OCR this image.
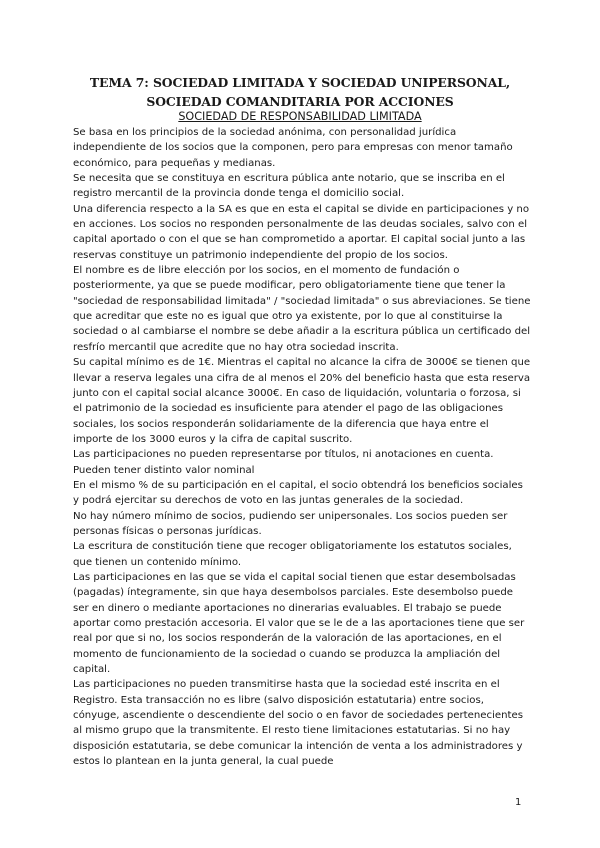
TEMA 7: SOCIEDAD LIMITADA Y SOCIEDAD UNIPERSONAL,
SOCIEDAD COMANDITARIA POR ACCIONES
SOCIEDAD DE RESPONSABILIDAD LIMITADA

Se basa en los principios de la sociedad anónima, con personalidad jurídica independiente de los socios que la componen, pero para empresas con menor tamaño económico, para pequeñas y medianas.

Se necesita que se constituya en escritura pública ante notario, que se inscriba en el registro mercantil de la provincia donde tenga el domicilio social.

Una diferencia respecto a la SA es que en esta el capital se divide en participaciones y no en acciones. Los socios no responden personalmente de las deudas sociales, salvo con el capital aportado o con el que se han comprometido a aportar. El capital social junto a las reservas constituye un patrimonio independiente del propio de los socios.

El nombre es de libre elección por los socios, en el momento de fundación o posteriormente, ya que se puede modificar, pero obligatoriamente tiene que tener la "sociedad de responsabilidad limitada" / "sociedad limitada" o sus abreviaciones. Se tiene que acreditar que este no es igual que otro ya existente, por lo que al constituirse la sociedad o al cambiarse el nombre se debe añadir a la escritura pública un certificado del resfrío mercantil que acredite que no hay otra sociedad inscrita.

Su capital mínimo es de 1€. Mientras el capital no alcance la cifra de 3000€ se tienen que llevar a reserva legales una cifra de al menos el 20% del beneficio hasta que esta reserva junto con el capital social alcance 3000€. En caso de liquidación, voluntaria o forzosa, si el patrimonio de la sociedad es insuficiente para atender el pago de las obligaciones sociales, los socios responderán solidariamente de la diferencia que haya entre el importe de los 3000 euros y la cifra de capital suscrito.

Las participaciones no pueden representarse por títulos, ni anotaciones en cuenta. Pueden tener distinto valor nominal

En el mismo % de su participación en el capital, el socio obtendrá los beneficios sociales y podrá ejercitar su derechos de voto en las juntas generales de la sociedad.

No hay número mínimo de socios, pudiendo ser unipersonales. Los socios pueden ser personas físicas o personas jurídicas.

La escritura de constitución tiene que recoger obligatoriamente los estatutos sociales, que tienen un contenido mínimo.

Las participaciones en las que se vida el capital social tienen que estar desembolsadas (pagadas) íntegramente, sin que haya desembolsos parciales. Este desembolso puede ser en dinero o mediante aportaciones no dinerarias evaluables. El trabajo se puede aportar como prestación accesoria. El valor que se le de a las aportaciones tiene que ser real por que si no, los socios responderán de la valoración de las aportaciones, en el momento de funcionamiento de la sociedad o cuando se produzca la ampliación del capital.

Las participaciones no pueden transmitirse hasta que la sociedad esté inscrita en el Registro. Esta transacción no es libre (salvo disposición estatutaria) entre socios, cónyuge, ascendiente o descendiente del socio o en favor de sociedades pertenecientes al mismo grupo que la transmitente. El resto tiene limitaciones estatutarias. Si no hay disposición estatutaria, se debe comunicar la intención de venta a los administradores y estos lo plantean en la junta general, la cual puede

1
